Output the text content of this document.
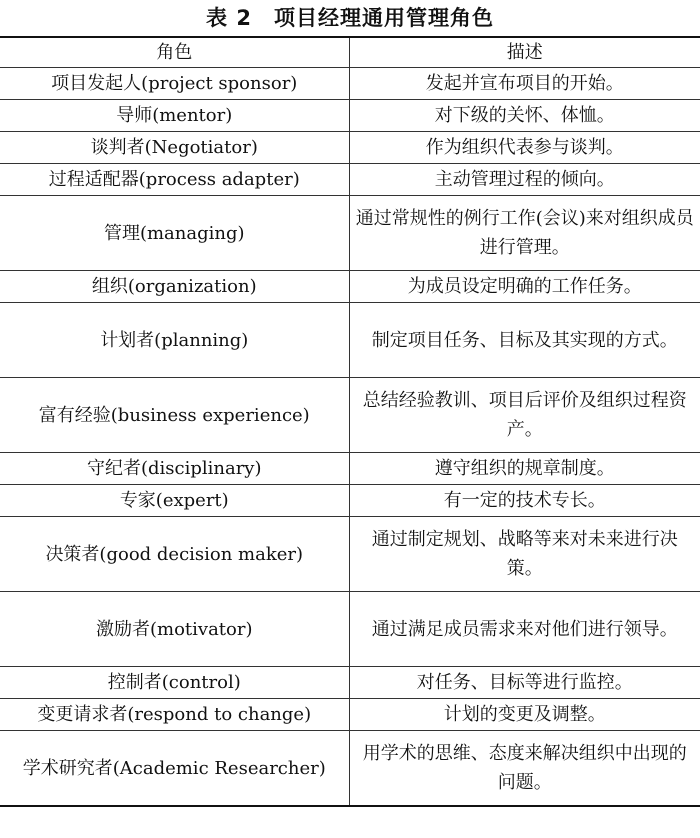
表 2　项目经理通用管理角色
角色	描述
项目发起人(project sponsor)	发起并宣布项目的开始。
导师(mentor)	对下级的关怀、体恤。
谈判者(Negotiator)	作为组织代表参与谈判。
过程适配器(process adapter)	主动管理过程的倾向。
管理(managing)	通过常规性的例行工作(会议)来对组织成员进行管理。
组织(organization)	为成员设定明确的工作任务。
计划者(planning)	制定项目任务、目标及其实现的方式。
富有经验(business experience)	总结经验教训、项目后评价及组织过程资产。
守纪者(disciplinary)	遵守组织的规章制度。
专家(expert)	有一定的技术专长。
决策者(good decision maker)	通过制定规划、战略等来对未来进行决策。
激励者(motivator)	通过满足成员需求来对他们进行领导。
控制者(control)	对任务、目标等进行监控。
变更请求者(respond to change)	计划的变更及调整。
学术研究者(Academic Researcher)	用学术的思维、态度来解决组织中出现的问题。
